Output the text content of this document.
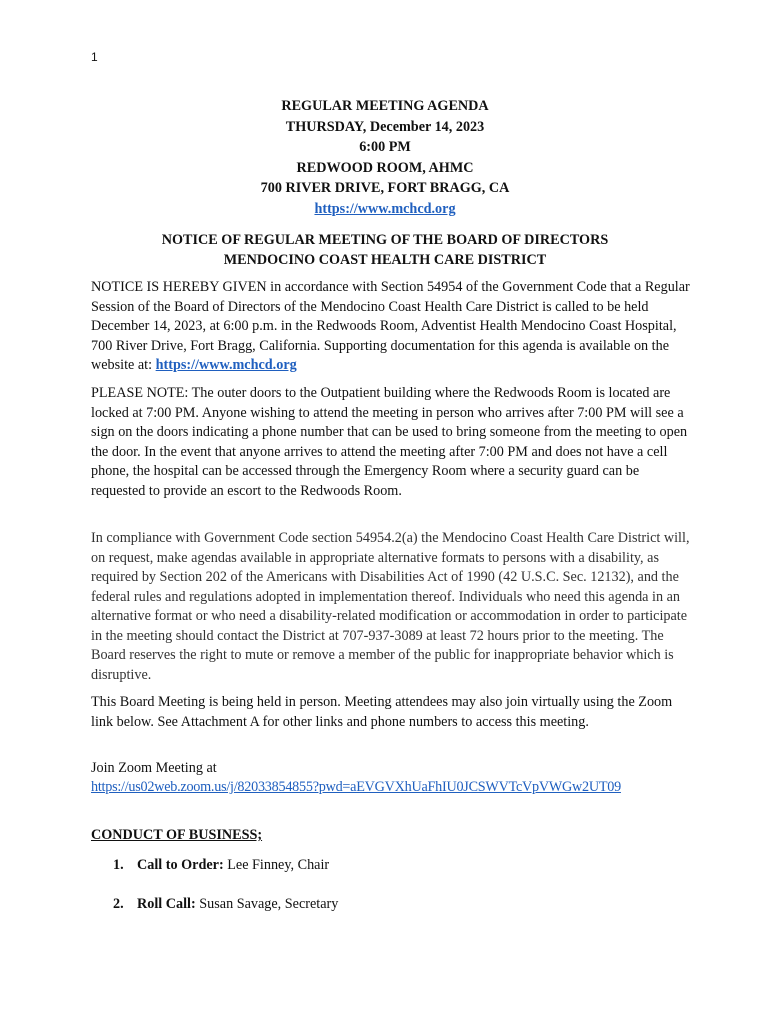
1
REGULAR MEETING AGENDA
THURSDAY, December 14, 2023
6:00 PM
REDWOOD ROOM, AHMC
700 RIVER DRIVE, FORT BRAGG, CA
https://www.mchcd.org
NOTICE OF REGULAR MEETING OF THE BOARD OF DIRECTORS
MENDOCINO COAST HEALTH CARE DISTRICT

NOTICE IS HEREBY GIVEN in accordance with Section 54954 of the Government Code that a Regular Session of the Board of Directors of the Mendocino Coast Health Care District is called to be held December 14, 2023, at 6:00 p.m. in the Redwoods Room, Adventist Health Mendocino Coast Hospital, 700 River Drive, Fort Bragg, California. Supporting documentation for this agenda is available on the website at: https://www.mchcd.org

PLEASE NOTE: The outer doors to the Outpatient building where the Redwoods Room is located are locked at 7:00 PM. Anyone wishing to attend the meeting in person who arrives after 7:00 PM will see a sign on the doors indicating a phone number that can be used to bring someone from the meeting to open the door. In the event that anyone arrives to attend the meeting after 7:00 PM and does not have a cell phone, the hospital can be accessed through the Emergency Room where a security guard can be requested to provide an escort to the Redwoods Room.

In compliance with Government Code section 54954.2(a) the Mendocino Coast Health Care District will, on request, make agendas available in appropriate alternative formats to persons with a disability, as required by Section 202 of the Americans with Disabilities Act of 1990 (42 U.S.C. Sec. 12132), and the federal rules and regulations adopted in implementation thereof. Individuals who need this agenda in an alternative format or who need a disability-related modification or accommodation in order to participate in the meeting should contact the District at 707-937-3089 at least 72 hours prior to the meeting. The Board reserves the right to mute or remove a member of the public for inappropriate behavior which is disruptive.

This Board Meeting is being held in person. Meeting attendees may also join virtually using the Zoom link below. See Attachment A for other links and phone numbers to access this meeting.

Join Zoom Meeting at
https://us02web.zoom.us/j/82033854855?pwd=aEVGVXhUaFhIU0JCSWVTcVpVWGw2UT09
CONDUCT OF BUSINESS;
1. Call to Order: Lee Finney, Chair
2. Roll Call: Susan Savage, Secretary
